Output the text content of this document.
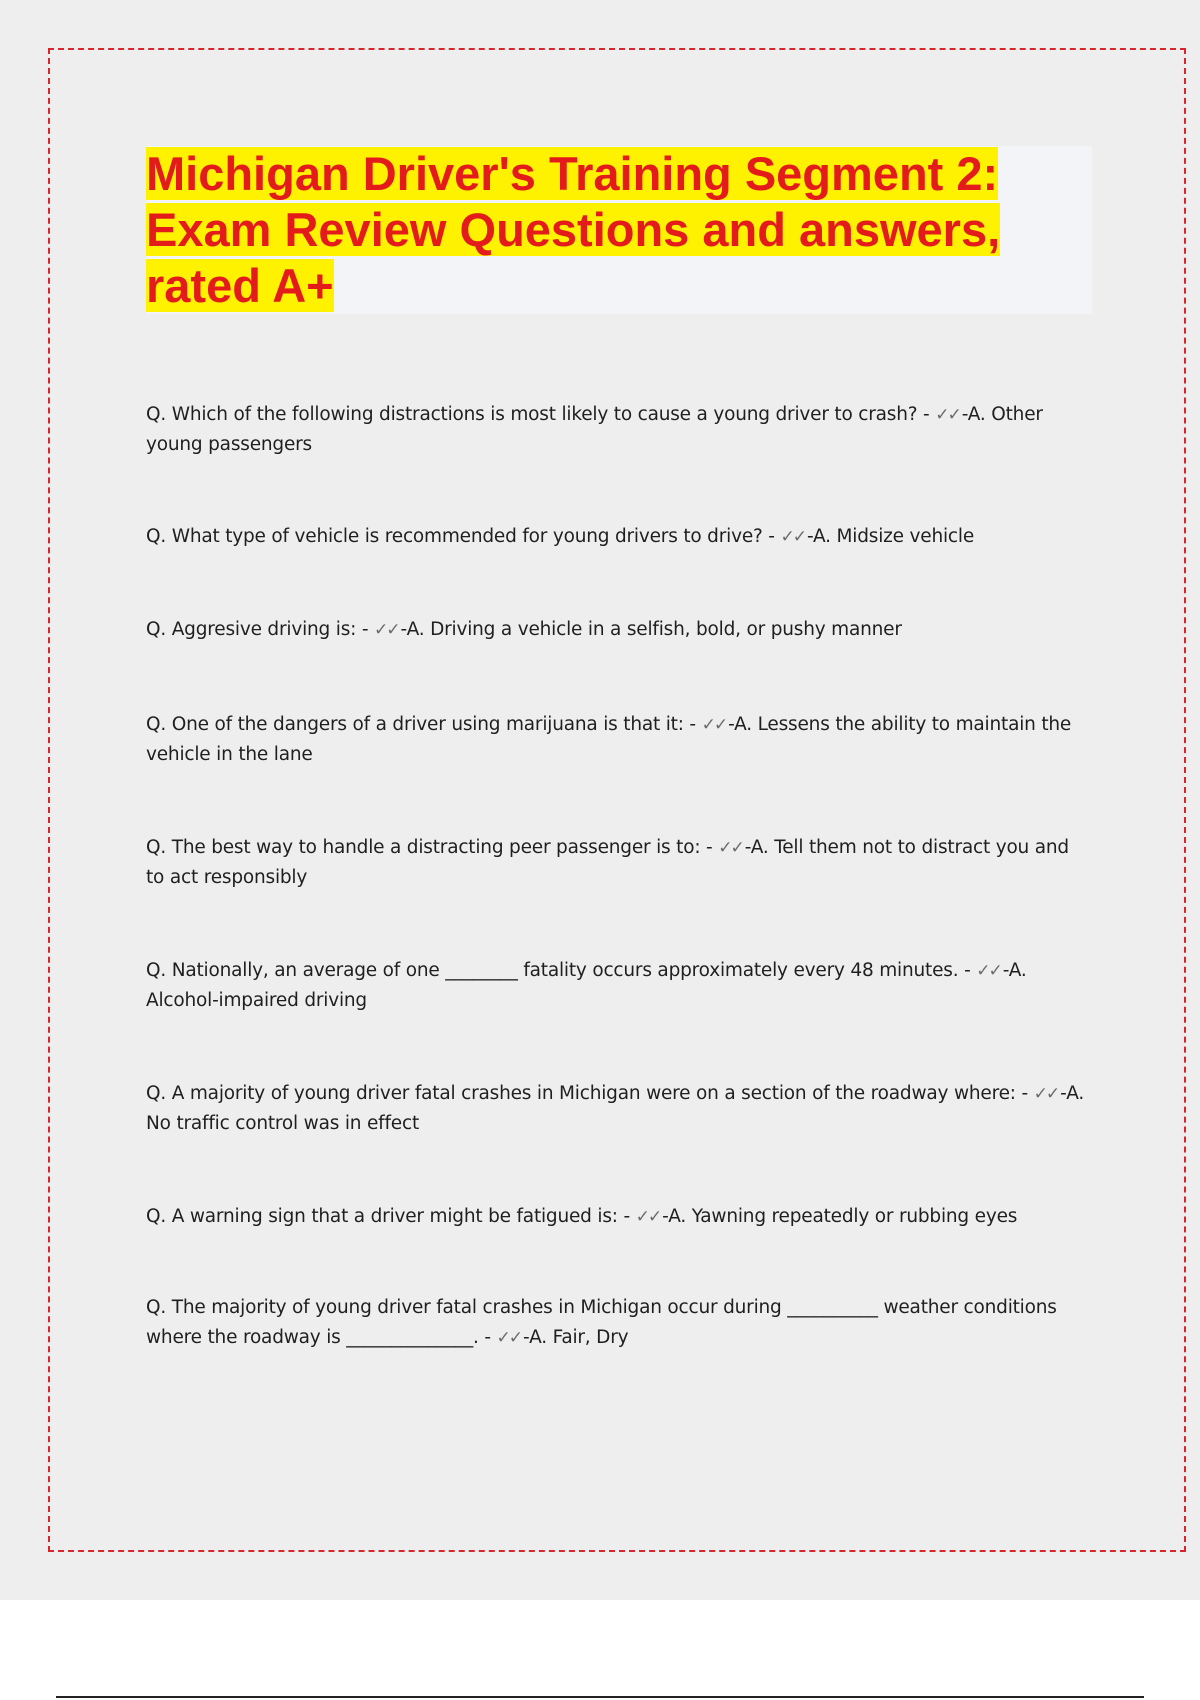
Michigan Driver's Training Segment 2:
Exam Review Questions and answers,
rated A+
Q. Which of the following distractions is most likely to cause a young driver to crash? - ✓✓ -A. Other young passengers
Q. What type of vehicle is recommended for young drivers to drive? - ✓✓ -A. Midsize vehicle
Q. Aggresive driving is: - ✓✓ -A. Driving a vehicle in a selfish, bold, or pushy manner
Q. One of the dangers of a driver using marijuana is that it: - ✓✓ -A. Lessens the ability to maintain the vehicle in the lane
Q. The best way to handle a distracting peer passenger is to: - ✓✓ -A. Tell them not to distract you and to act responsibly
Q. Nationally, an average of one ________ fatality occurs approximately every 48 minutes. - ✓✓ -A. Alcohol-impaired driving
Q. A majority of young driver fatal crashes in Michigan were on a section of the roadway where: - ✓✓ -A. No traffic control was in effect
Q. A warning sign that a driver might be fatigued is: - ✓✓ -A. Yawning repeatedly or rubbing eyes
Q. The majority of young driver fatal crashes in Michigan occur during __________ weather conditions where the roadway is ______________. - ✓✓ -A. Fair, Dry
